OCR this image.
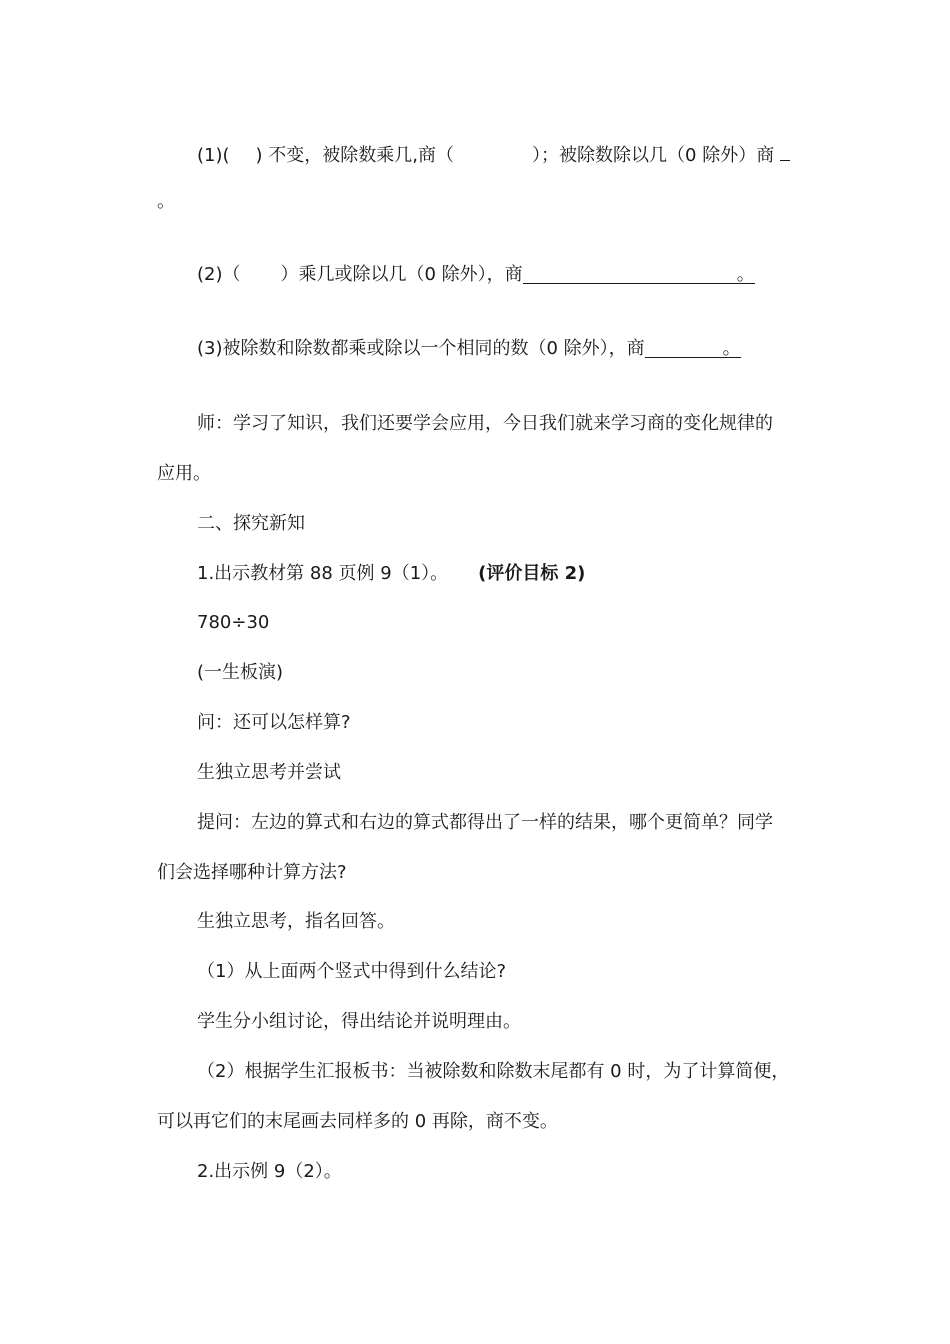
(1)( ) 不变，被除数乘几,商（	）；被除数除以几（0 除外）商
。
(2)（ ）乘几或除以几（0 除外），商	。
(3)被除数和除数都乘或除以一个相同的数（0 除外），商	。
师：学习了知识，我们还要学会应用，今日我们就来学习商的变化规律的
应用。
二、探究新知
1.出示教材第 88 页例 9（1）。 (评价目标 2)
780÷30
(一生板演)
问：还可以怎样算?
生独立思考并尝试
提问：左边的算式和右边的算式都得出了一样的结果，哪个更简单？同学
们会选择哪种计算方法?
生独立思考，指名回答。
（1）从上面两个竖式中得到什么结论?
学生分小组讨论，得出结论并说明理由。
（2）根据学生汇报板书：当被除数和除数末尾都有 0 时，为了计算简便，
可以再它们的末尾画去同样多的 0 再除，商不变。
2.出示例 9（2）。
